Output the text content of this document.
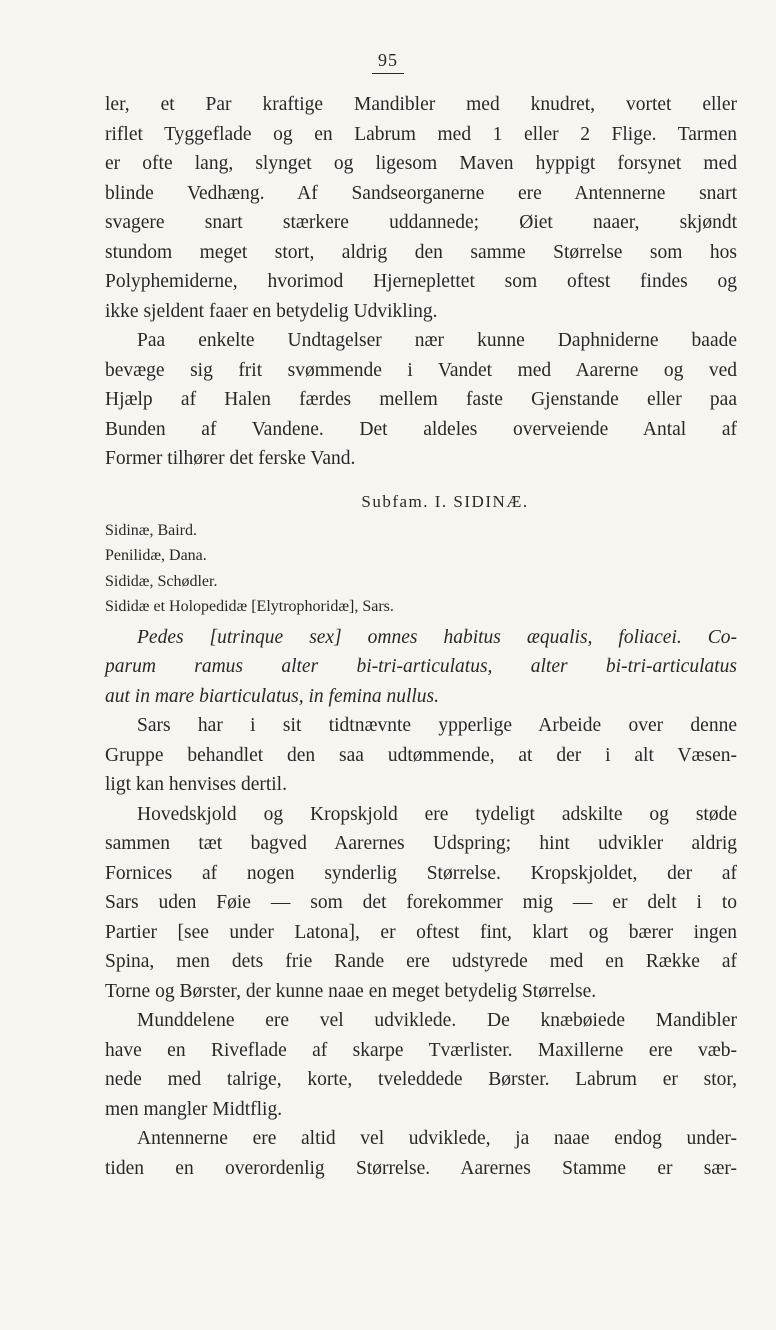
95
ler, et Par kraftige Mandibler med knudret, vortet eller
riflet Tyggeflade og en Labrum med 1 eller 2 Flige. Tarmen
er ofte lang, slynget og ligesom Maven hyppigt forsynet med
blinde Vedhæng. Af Sandseorganerne ere Antennerne snart
svagere snart stærkere uddannede; Øiet naaer, skjøndt
stundom meget stort, aldrig den samme Størrelse som hos
Polyphemiderne, hvorimod Hjerneplettet som oftest findes og
ikke sjeldent faaer en betydelig Udvikling.
Paa enkelte Undtagelser nær kunne Daphniderne baade
bevæge sig frit svømmende i Vandet med Aarerne og ved
Hjælp af Halen færdes mellem faste Gjenstande eller paa
Bunden af Vandene. Det aldeles overveiende Antal af
Former tilhører det ferske Vand.
Subfam. I. SIDINÆ.
Sidinæ, Baird.
Penilidæ, Dana.
Sididæ, Schødler.
Sididæ et Holopedidæ [Elytrophoridæ], Sars.
Pedes [utrinque sex] omnes habitus æqualis, foliacei. Co-
parum ramus alter bi-tri-articulatus, alter bi-tri-articulatus
aut in mare biarticulatus, in femina nullus.
Sars har i sit tidtnævnte ypperlige Arbeide over denne
Gruppe behandlet den saa udtømmende, at der i alt Væsen-
ligt kan henvises dertil.
Hovedskjold og Kropskjold ere tydeligt adskilte og støde
sammen tæt bagved Aarernes Udspring; hint udvikler aldrig
Fornices af nogen synderlig Størrelse. Kropskjoldet, der af
Sars uden Føie — som det forekommer mig — er delt i to
Partier [see under Latona], er oftest fint, klart og bærer ingen
Spina, men dets frie Rande ere udstyrede med en Række af
Torne og Børster, der kunne naae en meget betydelig Størrelse.
Munddelene ere vel udviklede. De knæbøiede Mandibler
have en Riveflade af skarpe Tværlister. Maxillerne ere væb-
nede med talrige, korte, tveleddede Børster. Labrum er stor,
men mangler Midtflig.
Antennerne ere altid vel udviklede, ja naae endog under-
tiden en overordenlig Størrelse. Aarernes Stamme er sær-
